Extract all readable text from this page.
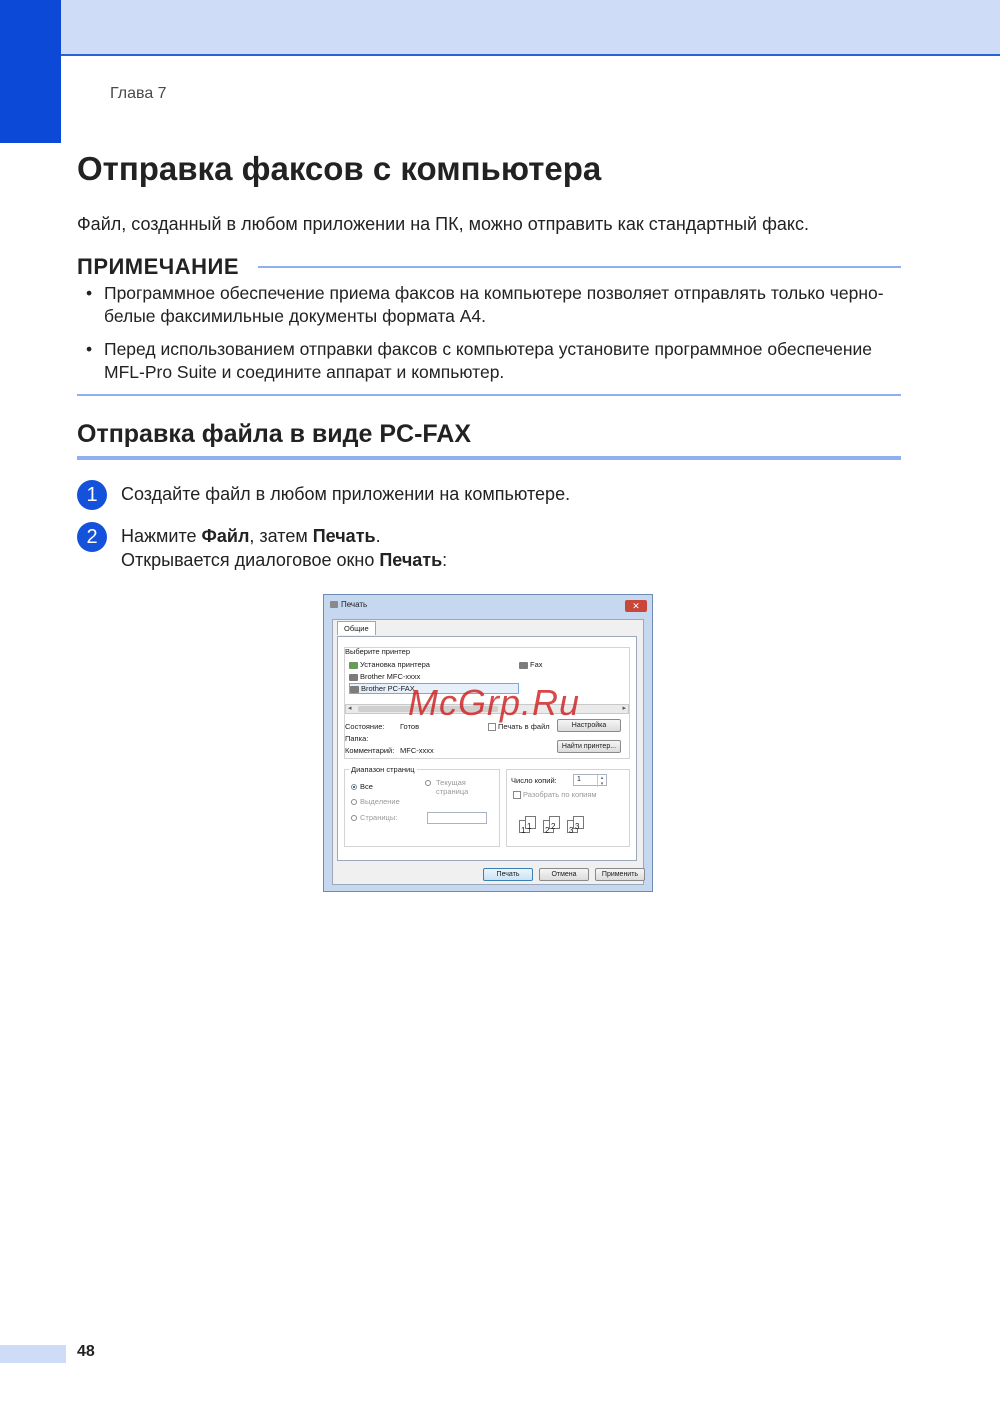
Глава 7
Отправка факсов с компьютера
Файл, созданный в любом приложении на ПК, можно отправить как стандартный факс.
ПРИМЕЧАНИЕ
• Программное обеспечение приема факсов на компьютере позволяет отправлять только черно-белые факсимильные документы формата А4.
• Перед использованием отправки факсов с компьютера установите программное обеспечение MFL-Pro Suite и соедините аппарат и компьютер.
Отправка файла в виде PC-FAX
1	Создайте файл в любом приложении на компьютере.
2	Нажмите Файл, затем Печать.
Открывается диалоговое окно Печать:
Печать	✕
Общие
Выберите принтер
Установка принтера	Fax
Brother MFC-xxxx
Brother PC-FAX
◂	▸
Состояние: Готов
Папка:
Комментарий: MFC-xxxx
Печать в файл	Настройка
Найти принтер...
Диапазон страниц
Все	Текущая

страница
Выделение
Страницы:
Число копий:	1	▴
▾
Разобрать по копиям
1 1	2 2	3 3
Печать	Отмена	Применить
McGrp.Ru
48
